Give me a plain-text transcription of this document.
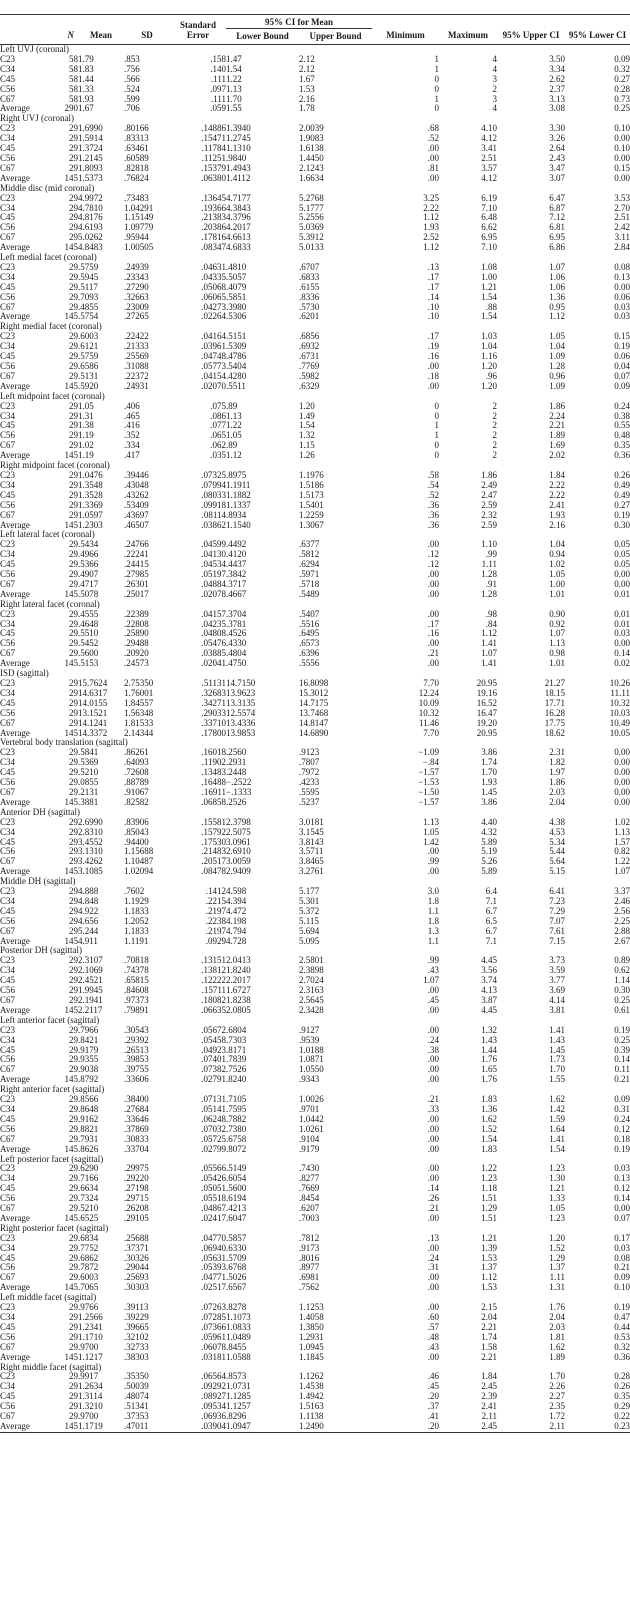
				Standard Error	95% CI for Mean					
	N	Mean	SD		Lower Bound	Upper Bound	Minimum	Maximum	95% Upper CI	95% Lower CI
Left UVJ (coronal)										
C23	58	1.79	.853	.158	1.47	2.12	1	4	3.50	0.09
C34	58	1.83	.756	.140	1.54	2.12	1	4	3.34	0.32
C45	58	1.44	.566	.111	1.22	1.67	0	3	2.62	0.27
C56	58	1.33	.524	.097	1.13	1.53	0	2	2.37	0.28
C67	58	1.93	.599	.111	1.70	2.16	1	3	3.13	0.73
Average	290	1.67	.706	.059	1.55	1.78	0	4	3.08	0.25
Right UVJ (coronal)										
C23	29	1.6990	.80166	.14886	1.3940	2.0039	.68	4.10	3.30	0.10
C34	29	1.5914	.83313	.15471	1.2745	1.9083	.52	4.12	3.26	0.00
C45	29	1.3724	.63461	.11784	1.1310	1.6138	.00	3.41	2.64	0.10
C56	29	1.2145	.60589	.11251	.9840	1.4450	.00	2.51	2.43	0.00
C67	29	1.8093	.82818	.15379	1.4943	2.1243	.81	3.57	3.47	0.15
Average	145	1.5373	.76824	.06380	1.4112	1.6634	.00	4.12	3.07	0.00
Middle disc (mid coronal)										
C23	29	4.9972	.73483	.13645	4.7177	5.2768	3.25	6.19	6.47	3.53
C34	29	4.7810	1.04291	.19366	4.3843	5.1777	2.22	7.10	6.87	2.70
C45	29	4.8176	1.15149	.21383	4.3796	5.2556	1.12	6.48	7.12	2.51
C56	29	4.6193	1.09779	.20386	4.2017	5.0369	1.93	6.62	6.81	2.42
C67	29	5.0262	.95944	.17816	4.6613	5.3912	2.52	6.95	6.95	3.11
Average	145	4.8483	1.00505	.08347	4.6833	5.0133	1.12	7.10	6.86	2.84
Left medial facet (coronal)										
C23	29	.5759	.24939	.04631	.4810	.6707	.13	1.08	1.07	0.08
C34	29	.5945	.23343	.04335	.5057	.6833	.17	1.00	1.06	0.13
C45	29	.5117	.27290	.05068	.4079	.6155	.17	1.21	1.06	0.00
C56	29	.7093	.32663	.06065	.5851	.8336	.14	1.54	1.36	0.06
C67	29	.4855	.23009	.04273	.3980	.5730	.10	.88	0.95	0.03
Average	145	.5754	.27265	.02264	.5306	.6201	.10	1.54	1.12	0.03
Right medial facet (coronal)										
C23	29	.6003	.22422	.04164	.5151	.6856	.17	1.03	1.05	0.15
C34	29	.6121	.21333	.03961	.5309	.6932	.19	1.04	1.04	0.19
C45	29	.5759	.25569	.04748	.4786	.6731	.16	1.16	1.09	0.06
C56	29	.6586	.31088	.05773	.5404	.7769	.00	1.20	1.28	0.04
C67	29	.5131	.22372	.04154	.4280	.5982	.18	.96	0.96	0.07
Average	145	.5920	.24931	.02070	.5511	.6329	.00	1.20	1.09	0.09
Left midpoint facet (coronal)										
C23	29	1.05	.406	.075	.89	1.20	0	2	1.86	0.24
C34	29	1.31	.465	.086	1.13	1.49	0	2	2.24	0.38
C45	29	1.38	.416	.077	1.22	1.54	1	2	2.21	0.55
C56	29	1.19	.352	.065	1.05	1.32	1	2	1.89	0.48
C67	29	1.02	.334	.062	.89	1.15	0	2	1.69	0.35
Average	145	1.19	.417	.035	1.12	1.26	0	2	2.02	0.36
Right midpoint facet (coronal)										
C23	29	1.0476	.39446	.07325	.8975	1.1976	.58	1.86	1.84	0.26
C34	29	1.3548	.43048	.07994	1.1911	1.5186	.54	2.49	2.22	0.49
C45	29	1.3528	.43262	.08033	1.1882	1.5173	.52	2.47	2.22	0.49
C56	29	1.3369	.53409	.09918	1.1337	1.5401	.36	2.59	2.41	0.27
C67	29	1.0597	.43697	.08114	.8934	1.2259	.36	2.32	1.93	0.19
Average	145	1.2303	.46507	.03862	1.1540	1.3067	.36	2.59	2.16	0.30
Left lateral facet (coronal)										
C23	29	.5434	.24766	.04599	.4492	.6377	.00	1.10	1.04	0.05
C34	29	.4966	.22241	.04130	.4120	.5812	.12	.99	0.94	0.05
C45	29	.5366	.24415	.04534	.4437	.6294	.12	1.11	1.02	0.05
C56	29	.4907	.27985	.05197	.3842	.5971	.00	1.28	1.05	0.00
C67	29	.4717	.26301	.04884	.3717	.5718	.00	.91	1.00	0.00
Average	145	.5078	.25017	.02078	.4667	.5489	.00	1.28	1.01	0.01
Right lateral facet (coronal)										
C23	29	.4555	.22389	.04157	.3704	.5407	.00	.98	0.90	0.01
C34	29	.4648	.22808	.04235	.3781	.5516	.17	.84	0.92	0.01
C45	29	.5510	.25890	.04808	.4526	.6495	.16	1.12	1.07	0.03
C56	29	.5452	.29488	.05476	.4330	.6573	.00	1.41	1.13	0.00
C67	29	.5600	.20920	.03885	.4804	.6396	.21	1.07	0.98	0.14
Average	145	.5153	.24573	.02041	.4750	.5556	.00	1.41	1.01	0.02
ISD (sagittal)										
C23	29	15.7624	2.75350	.51131	14.7150	16.8098	7.70	20.95	21.27	10.26
C34	29	14.6317	1.76001	.32683	13.9623	15.3012	12.24	19.16	18.15	11.11
C45	29	14.0155	1.84557	.34271	13.3135	14.7175	10.09	16.52	17.71	10.32
C56	29	13.1521	1.56348	.29033	12.5574	13.7468	10.32	16.47	16.28	10.03
C67	29	14.1241	1.81533	.33710	13.4336	14.8147	11.46	19.20	17.75	10.49
Average	145	14.3372	2.14344	.17800	13.9853	14.6890	7.70	20.95	18.62	10.05
Vertebral body translation (sagittal)										
C23	29	.5841	.86261	.16018	.2560	.9123	−1.09	3.86	2.31	0.00
C34	29	.5369	.64093	.11902	.2931	.7807	−.84	1.74	1.82	0.00
C45	29	.5210	.72608	.13483	.2448	.7972	−1.57	1.70	1.97	0.00
C56	29	.0855	.88789	.16488	−.2522	.4233	−1.53	1.93	1.86	0.00
C67	29	.2131	.91067	.16911	−.1333	.5595	−1.50	1.45	2.03	0.00
Average	145	.3881	.82582	.06858	.2526	.5237	−1.57	3.86	2.04	0.00
Anterior DH (sagittal)										
C23	29	2.6990	.83906	.15581	2.3798	3.0181	1.13	4.40	4.38	1.02
C34	29	2.8310	.85043	.15792	2.5075	3.1545	1.05	4.32	4.53	1.13
C45	29	3.4552	.94400	.17530	3.0961	3.8143	1.42	5.89	5.34	1.57
C56	29	3.1310	1.15688	.21483	2.6910	3.5711	.00	5.19	5.44	0.82
C67	29	3.4262	1.10487	.20517	3.0059	3.8465	.99	5.26	5.64	1.22
Average	145	3.1085	1.02094	.08478	2.9409	3.2761	.00	5.89	5.15	1.07
Middle DH (sagittal)										
C23	29	4.888	.7602	.1412	4.598	5.177	3.0	6.4	6.41	3.37
C34	29	4.848	1.1929	.2215	4.394	5.301	1.8	7.1	7.23	2.46
C45	29	4.922	1.1833	.2197	4.472	5.372	1.1	6.7	7.29	2.56
C56	29	4.656	1.2052	.2238	4.198	5.115	1.8	6.5	7.07	2.25
C67	29	5.244	1.1833	.2197	4.794	5.694	1.3	6.7	7.61	2.88
Average	145	4.911	1.1191	.0929	4.728	5.095	1.1	7.1	7.15	2.67
Posterior DH (sagittal)										
C23	29	2.3107	.70818	.13151	2.0413	2.5801	.99	4.45	3.73	0.89
C34	29	2.1069	.74378	.13812	1.8240	2.3898	.43	3.56	3.59	0.62
C45	29	2.4521	.65815	.12222	2.2017	2.7024	1.07	3.74	3.77	1.14
C56	29	1.9945	.84608	.15711	1.6727	2.3163	.00	4.13	3.69	0.30
C67	29	2.1941	.97373	.18082	1.8238	2.5645	.45	3.87	4.14	0.25
Average	145	2.2117	.79891	.06635	2.0805	2.3428	.00	4.45	3.81	0.61
Left anterior facet (sagittal)										
C23	29	.7966	.30543	.05672	.6804	.9127	.00	1.32	1.41	0.19
C34	29	.8421	.29392	.05458	.7303	.9539	.24	1.43	1.43	0.25
C45	29	.9179	.26513	.04923	.8171	1.0188	.38	1.44	1.45	0.39
C56	29	.9355	.39853	.07401	.7839	1.0871	.00	1.76	1.73	0.14
C67	29	.9038	.39755	.07382	.7526	1.0550	.00	1.65	1.70	0.11
Average	145	.8792	.33606	.02791	.8240	.9343	.00	1.76	1.55	0.21
Right anterior facet (sagittal)										
C23	29	.8566	.38400	.07131	.7105	1.0026	.21	1.83	1.62	0.09
C34	29	.8648	.27684	.05141	.7595	.9701	.33	1.36	1.42	0.31
C45	29	.9162	.33646	.06248	.7882	1.0442	.00	1.62	1.59	0.24
C56	29	.8821	.37869	.07032	.7380	1.0261	.00	1.52	1.64	0.12
C67	29	.7931	.30833	.05725	.6758	.9104	.00	1.54	1.41	0.18
Average	145	.8626	.33704	.02799	.8072	.9179	.00	1.83	1.54	0.19
Left posterior facet (sagittal)										
C23	29	.6290	.29975	.05566	.5149	.7430	.00	1.22	1.23	0.03
C34	29	.7166	.29220	.05426	.6054	.8277	.00	1.23	1.30	0.13
C45	29	.6634	.27198	.05051	.5600	.7669	.14	1.18	1.21	0.12
C56	29	.7324	.29715	.05518	.6194	.8454	.26	1.51	1.33	0.14
C67	29	.5210	.26208	.04867	.4213	.6207	.21	1.29	1.05	0.00
Average	145	.6525	.29105	.02417	.6047	.7003	.00	1.51	1.23	0.07
Right posterior facet (sagittal)										
C23	29	.6834	.25688	.04770	.5857	.7812	.13	1.21	1.20	0.17
C34	29	.7752	.37371	.06940	.6330	.9173	.00	1.39	1.52	0.03
C45	29	.6862	.30326	.05631	.5709	.8016	.24	1.53	1.29	0.08
C56	29	.7872	.29044	.05393	.6768	.8977	.31	1.37	1.37	0.21
C67	29	.6003	.25693	.04771	.5026	.6981	.00	1.12	1.11	0.09
Average	145	.7065	.30303	.02517	.6567	.7562	.00	1.53	1.31	0.10
Left middle facet (sagittal)										
C23	29	.9766	.39113	.07263	.8278	1.1253	.00	2.15	1.76	0.19
C34	29	1.2566	.39229	.07285	1.1073	1.4058	.60	2.04	2.04	0.47
C45	29	1.2341	.39665	.07366	1.0833	1.3850	.57	2.21	2.03	0.44
C56	29	1.1710	.32102	.05961	1.0489	1.2931	.48	1.74	1.81	0.53
C67	29	.9700	.32733	.06078	.8455	1.0945	.43	1.58	1.62	0.32
Average	145	1.1217	.38303	.03181	1.0588	1.1845	.00	2.21	1.89	0.36
Right middle facet (sagittal)										
C23	29	.9917	.35350	.06564	.8573	1.1262	.46	1.84	1.70	0.28
C34	29	1.2634	.50039	.09292	1.0731	1.4538	.45	2.45	2.26	0.26
C45	29	1.3114	.48074	.08927	1.1285	1.4942	.20	2.39	2.27	0.35
C56	29	1.3210	.51341	.09534	1.1257	1.5163	.37	2.41	2.35	0.29
C67	29	.9700	.37353	.06936	.8296	1.1138	.41	2.11	1.72	0.22
Average	145	1.1719	.47011	.03904	1.0947	1.2490	.20	2.45	2.11	0.23
